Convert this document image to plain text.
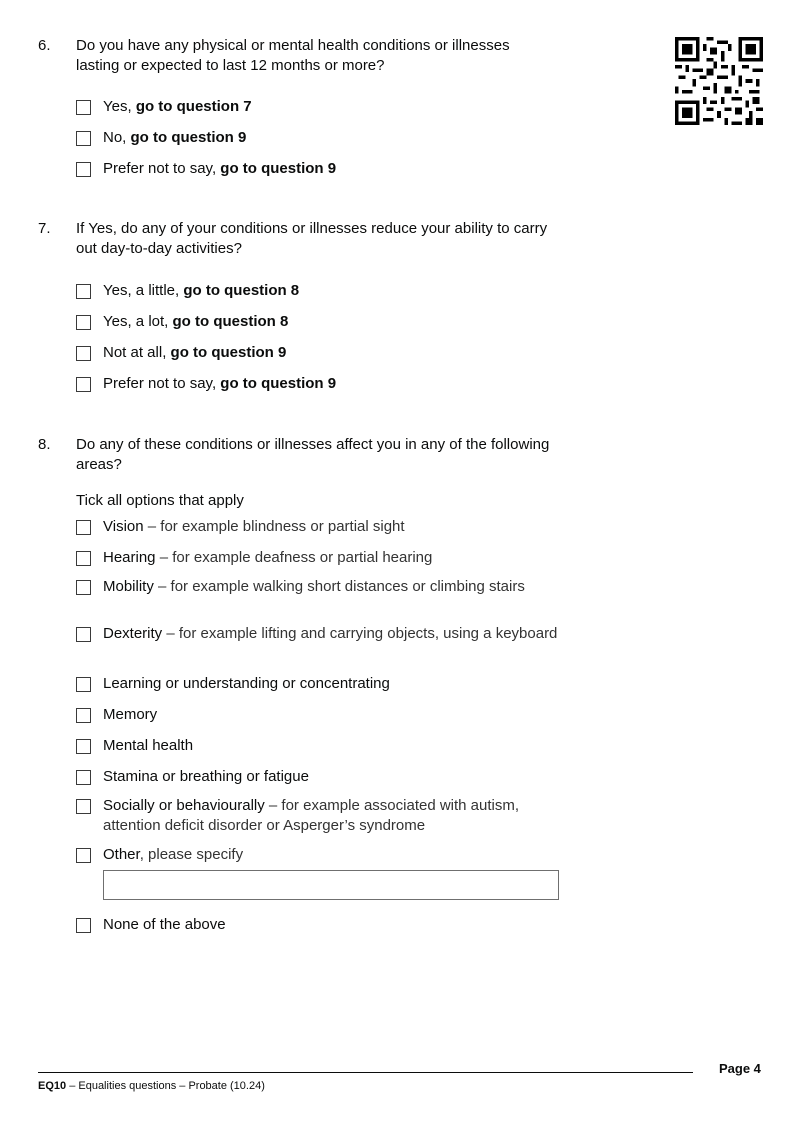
6. Do you have any physical or mental health conditions or illnesses lasting or expected to last 12 months or more?
Yes, go to question 7
No, go to question 9
Prefer not to say, go to question 9
7. If Yes, do any of your conditions or illnesses reduce your ability to carry out day-to-day activities?
Yes, a little, go to question 8
Yes, a lot, go to question 8
Not at all, go to question 9
Prefer not to say, go to question 9
8. Do any of these conditions or illnesses affect you in any of the following areas?
Tick all options that apply
Vision – for example blindness or partial sight
Hearing – for example deafness or partial hearing
Mobility – for example walking short distances or climbing stairs
Dexterity – for example lifting and carrying objects, using a keyboard
Learning or understanding or concentrating
Memory
Mental health
Stamina or breathing or fatigue
Socially or behaviourally – for example associated with autism, attention deficit disorder or Asperger’s syndrome
Other, please specify
None of the above
Page 4
EQ10 – Equalities questions – Probate (10.24)
